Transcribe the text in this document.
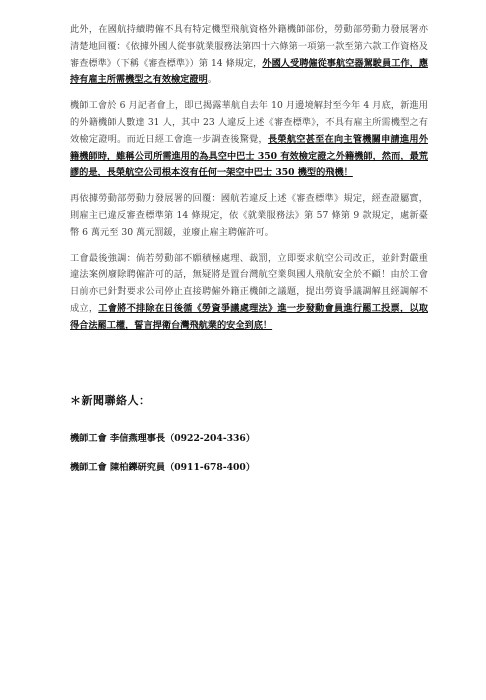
此外，在國航持續聘僱不具有特定機型飛航資格外籍機師部份，勞動部勞動力發展署亦清楚地回覆：《依據外國人從事就業服務法第四十六條第一項第一款至第六款工作資格及審查標準》（下稱《審查標準》）第 14 條規定，外國人受聘僱從事航空器駕駛員工作，應持有雇主所需機型之有效檢定證明。

機師工會於 6 月記者會上，即已揭露華航自去年 10 月邊境解封至今年 4 月底，新進用的外籍機師人數達 31 人，其中 23 人違反上述《審查標準》，不具有雇主所需機型之有效檢定證明。而近日經工會進一步調查後驚覺，長榮航空甚至在向主管機關申請進用外籍機師時，雖稱公司所需進用的為具空中巴士 350 有效檢定證之外籍機師，然而，最荒謬的是，長榮航空公司根本沒有任何一架空中巴士 350 機型的飛機！

再依據勞動部勞動力發展署的回覆：國航若違反上述《審查標準》規定，經查證屬實，則雇主已違反審查標準第 14 條規定，依《就業服務法》第 57 條第 9 款規定，處新臺幣 6 萬元至 30 萬元罰鍰，並廢止雇主聘僱許可。

工會最後強調：倘若勞動部不願積極處理、裁罰，立即要求航空公司改正，並針對嚴重違法案例廢除聘僱許可的話，無疑將是置台灣航空業與國人飛航安全於不顧！由於工會日前亦已針對要求公司停止直接聘僱外籍正機師之議題，提出勞資爭議調解且經調解不成立，工會將不排除在日後循《勞資爭議處理法》進一步發動會員進行罷工投票，以取得合法罷工權，誓言捍衛台灣飛航業的安全到底！

＊新聞聯絡人：
機師工會 李信燕理事長（0922-204-336）
機師工會 陳柏鑠研究員（0911-678-400）
